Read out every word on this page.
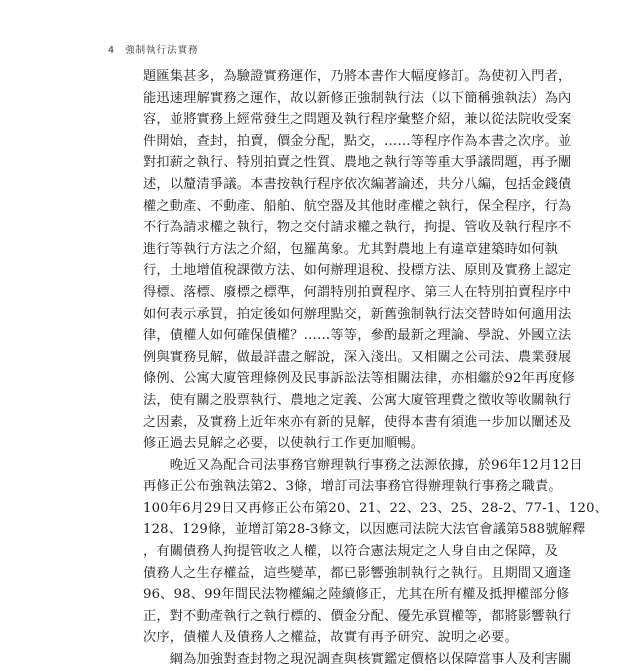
4 強制執行法實務
題匯集甚多，為驗證實務運作，乃將本書作大幅度修訂。為使初入門者，
能迅速理解實務之運作，故以新修正強制執行法（以下簡稱強執法）為內
容，並將實務上經常發生之問題及執行程序彙整介紹，兼以從法院收受案
件開始，查封，拍賣，價金分配，點交，……等程序作為本書之次序。並
對扣薪之執行、特別拍賣之性質、農地之執行等等重大爭議問題，再予闡
述，以釐清爭議。本書按執行程序依次編著論述，共分八編，包括金錢債
權之動產、不動產、船舶、航空器及其他財產權之執行，保全程序，行為
不行為請求權之執行，物之交付請求權之執行，拘提、管收及執行程序不
進行等執行方法之介紹，包羅萬象。尤其對農地上有違章建築時如何執
行，土地增值稅課徵方法、如何辦理退稅、投標方法、原則及實務上認定
得標、落標、廢標之標準，何謂特別拍賣程序、第三人在特別拍賣程序中
如何表示承買，拍定後如何辦理點交，新舊強制執行法交替時如何適用法
律，債權人如何確保債權？……等等，參酌最新之理論、學說、外國立法
例與實務見解，做最詳盡之解說，深入淺出。又相關之公司法、農業發展
條例、公寓大廈管理條例及民事訴訟法等相關法律，亦相繼於92年再度修
法，使有關之股票執行、農地之定義、公寓大廈管理費之徵收等收關執行
之因素，及實務上近年來亦有新的見解，使得本書有須進一步加以闡述及
修正過去見解之必要，以使執行工作更加順暢。
　　晚近又為配合司法事務官辦理執行事務之法源依據，於96年12月12日
再修正公布強執法第2、3條，增訂司法事務官得辦理執行事務之職責。
100年6月29日又再修正公布第20、21、22、23、25、28-2、77-1、120、
128、129條，並增訂第28-3條文，以因應司法院大法官會議第588號解釋
，有關債務人拘提管收之人權，以符合憲法規定之人身自由之保障，及
債務人之生存權益，這些變革，都已影響強制執行之執行。且期間又適逢
96、98、99年間民法物權編之陸續修正，尤其在所有權及抵押權部分修
正，對不動產執行之執行標的、價金分配、優先承買權等，都將影響執行
次序，債權人及債務人之權益，故實有再予研究、說明之必要。
　　綱為加強對查封物之現況調查與核實鑑定價格以保障當事人及利害關
